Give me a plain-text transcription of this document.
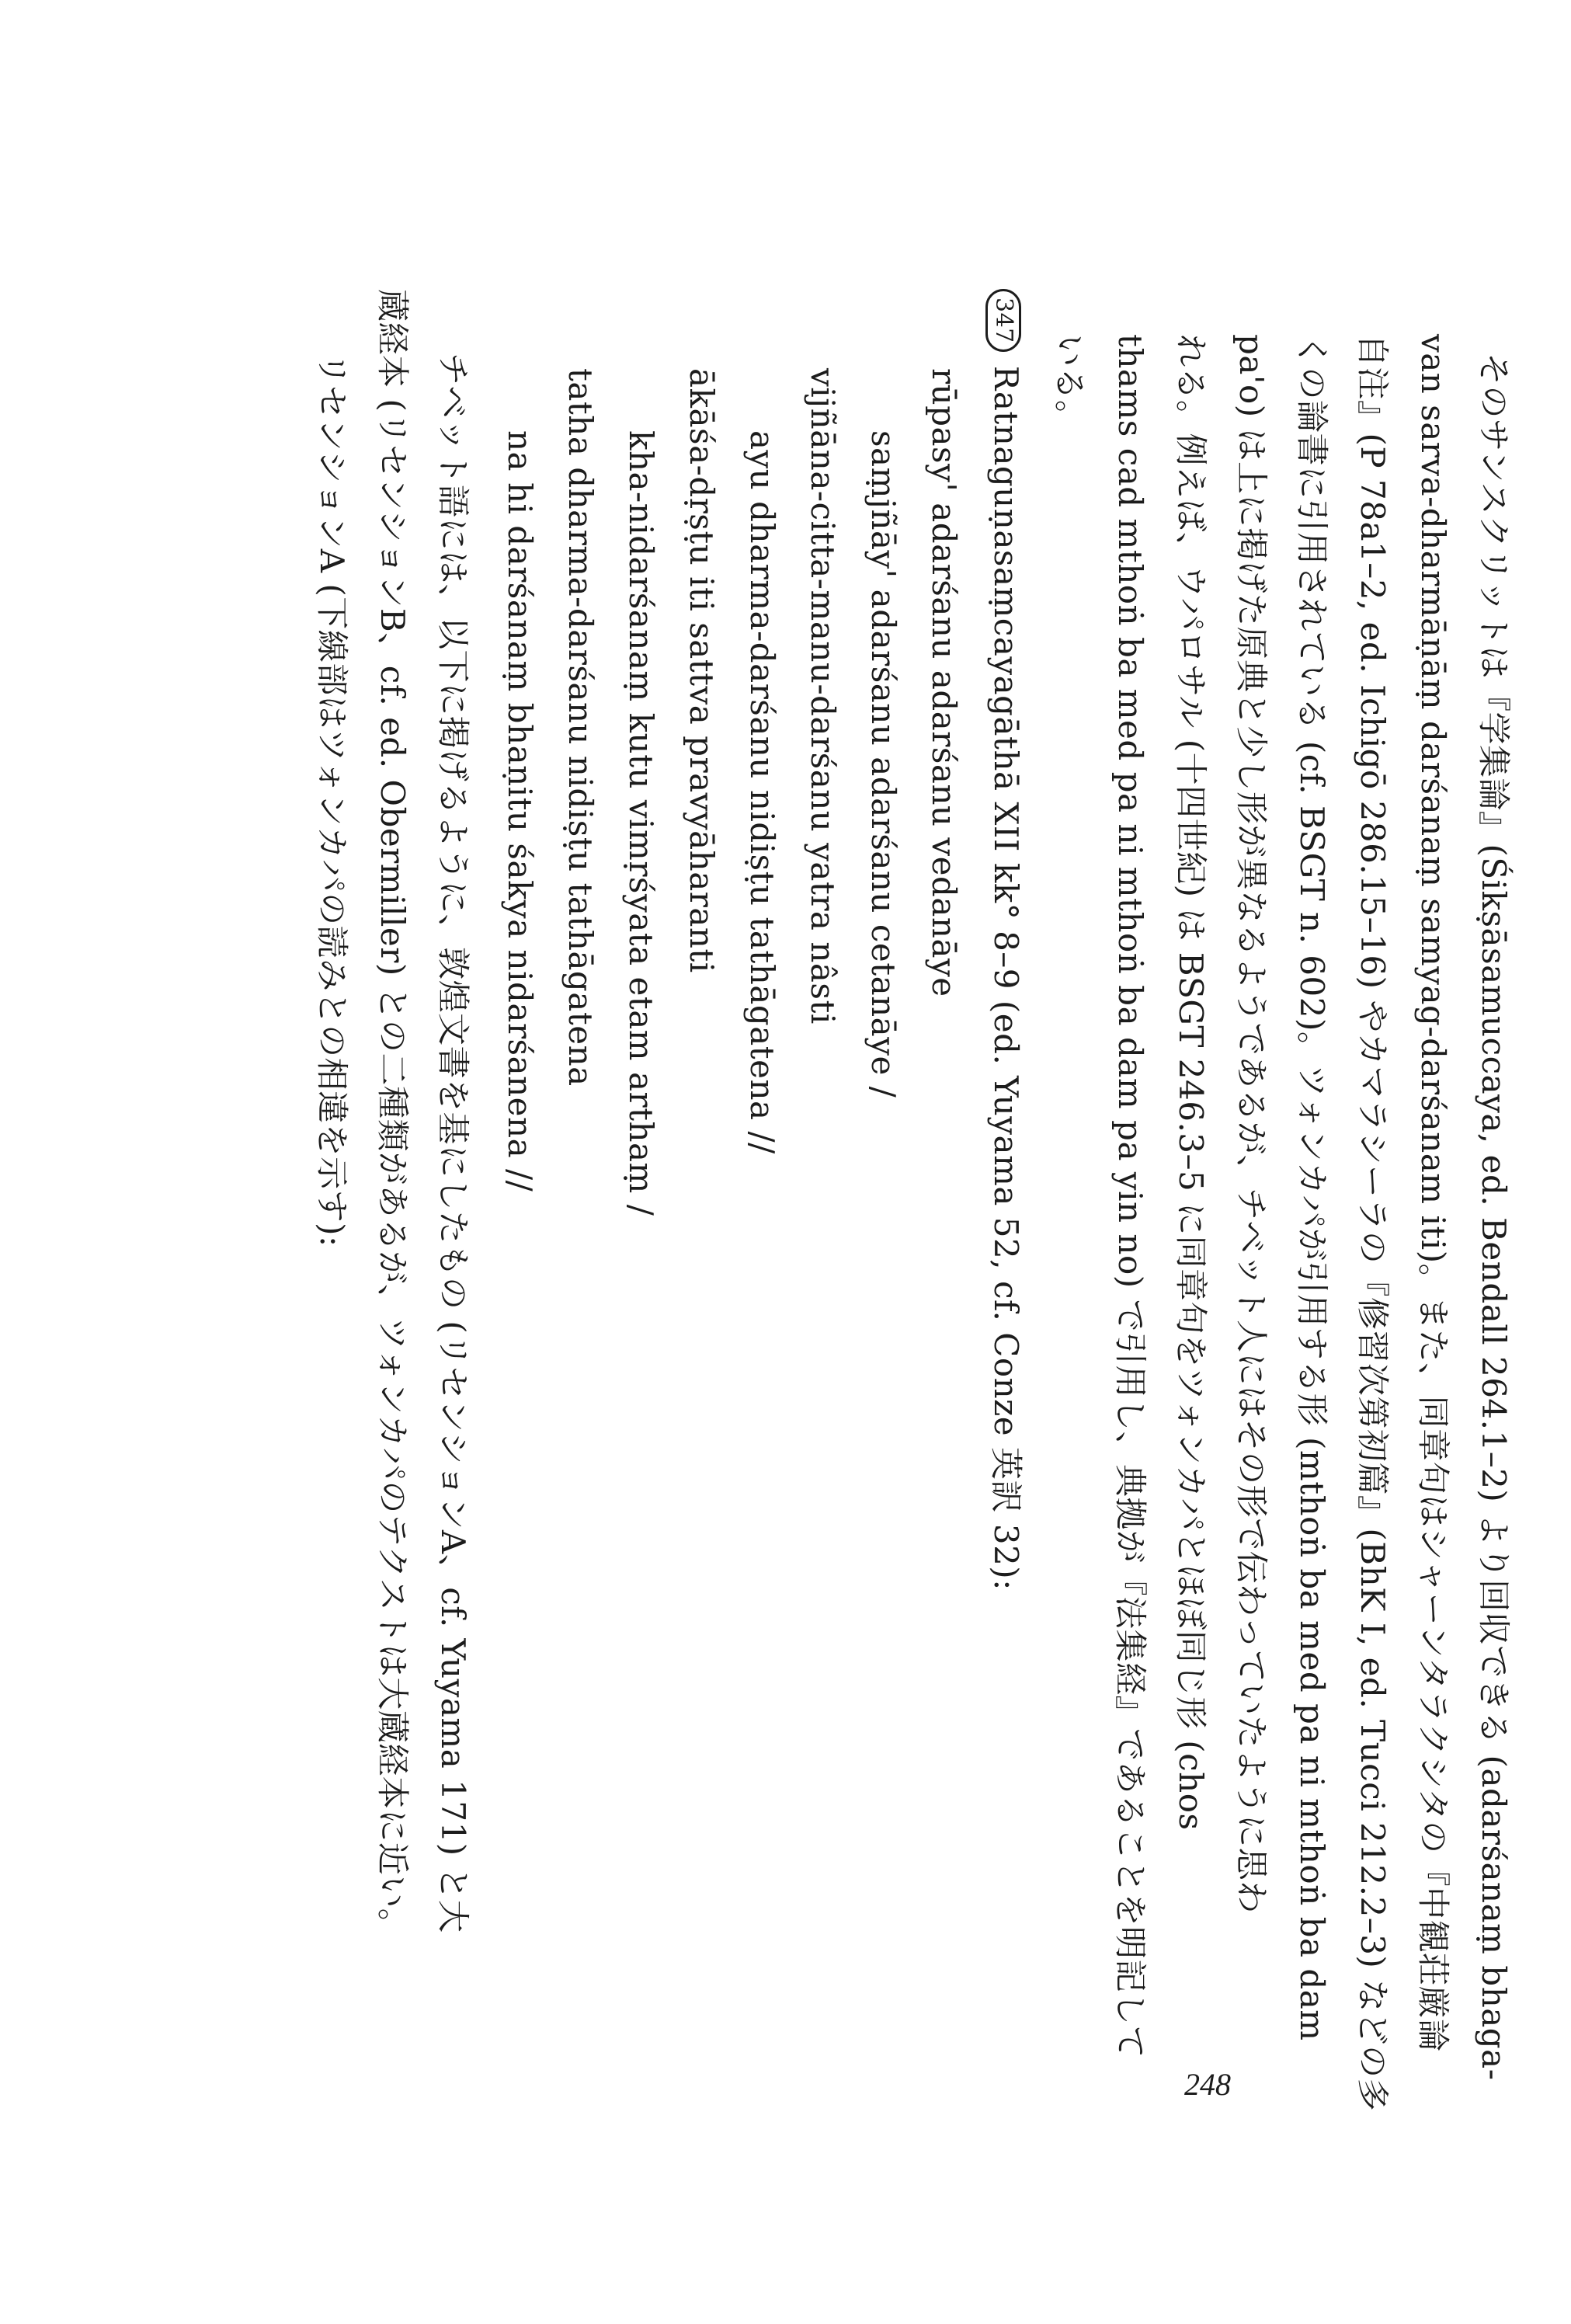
そのサンスクリットは『学集論』(Śikṣāsamuccaya, ed. Bendall 264.1–2) より回収できる (adarśanaṃ bhaga-
van sarva-dharmāṇāṃ darśanaṃ samyag-darśanam iti)。また、同章句はシャーンタラクシタの『中観荘厳論
自注』(P 78a1–2, ed. Ichigō 286.15–16) やカマラシーラの『修習次第初篇』(BhK I, ed. Tucci 212.2–3) などの多
くの論書に引用されている (cf. BSGT n. 602)。ツォンカパが引用する形 (mthoṅ ba med pa ni mthoṅ ba dam
pa'o) は上に掲げた原典と少し形が異なるようであるが、チベット人にはその形で伝わっていたように思わ
れる。例えば、ウパロサル (十四世紀) は BSGT 246.3–5 に同章句をツォンカパとほぼ同じ形 (chos
thams cad mthoṅ ba med pa ni mthoṅ ba dam pa yin no) で引用し、典拠が『法集経』であることを明記して
いる。
347Ratnaguṇasaṃcayagāthā XII kk° 8–9 (ed. Yuyama 52, cf. Conze 英訳 32):
rūpasy' adarśanu adarśanu vedanāye
saṃjñāy' adarśanu adarśanu cetanāye /
vijñāna-citta-manu-darśanu yatra nâsti
ayu dharma-darśanu nidiṣṭu tathāgatena //
ākāśa-dṛṣṭu iti sattva pravyāharanti
kha-nidarśanaṃ kutu vimṛśyata etam arthaṃ /
tatha dharma-darśanu nidiṣṭu tathāgatena
na hi darśanaṃ bhaṇitu śakya nidarśanena //
チベット語には、以下に掲げるように、敦煌文書を基にしたもの (リセンションA、cf. Yuyama 171) と大
蔵経本 (リセンションB、cf. ed. Obermiller) との二種類があるが、ツォンカパのテクストは大蔵経本に近い。
リセンションA (下線部はツォンカパの読みとの相違を示す):
248
